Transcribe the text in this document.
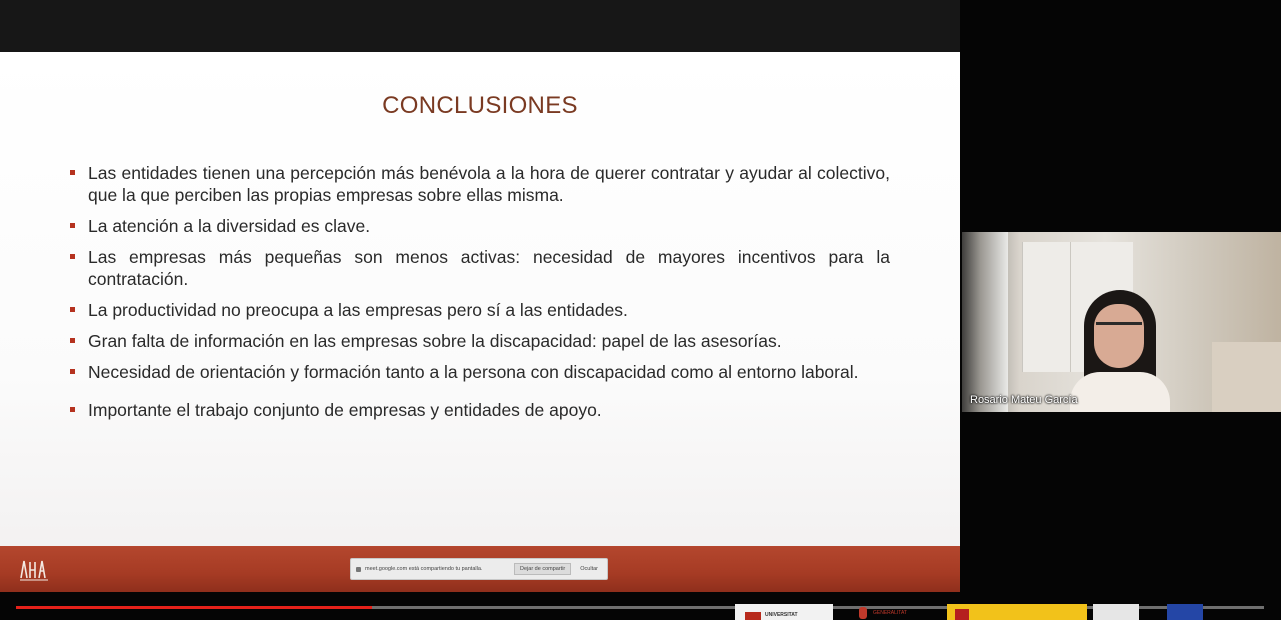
CONCLUSIONES
Las entidades tienen una percepción más benévola a la hora de querer contratar y ayudar al colectivo, que la que perciben las propias empresas sobre ellas misma.
La atención a la diversidad es clave.
Las empresas más pequeñas son menos activas: necesidad de mayores incentivos para la contratación.
La productividad no preocupa a las empresas pero sí a las entidades.
Gran falta de información en las empresas sobre la discapacidad: papel de las asesorías.
Necesidad de orientación y formación tanto a la persona con discapacidad como al entorno laboral.
Importante el trabajo conjunto de empresas y entidades de apoyo.
meet.google.com está compartiendo tu pantalla.	Dejar de compartir	Ocultar
Rosario Mateu García
UNIVERSITAT	GENERALITAT
